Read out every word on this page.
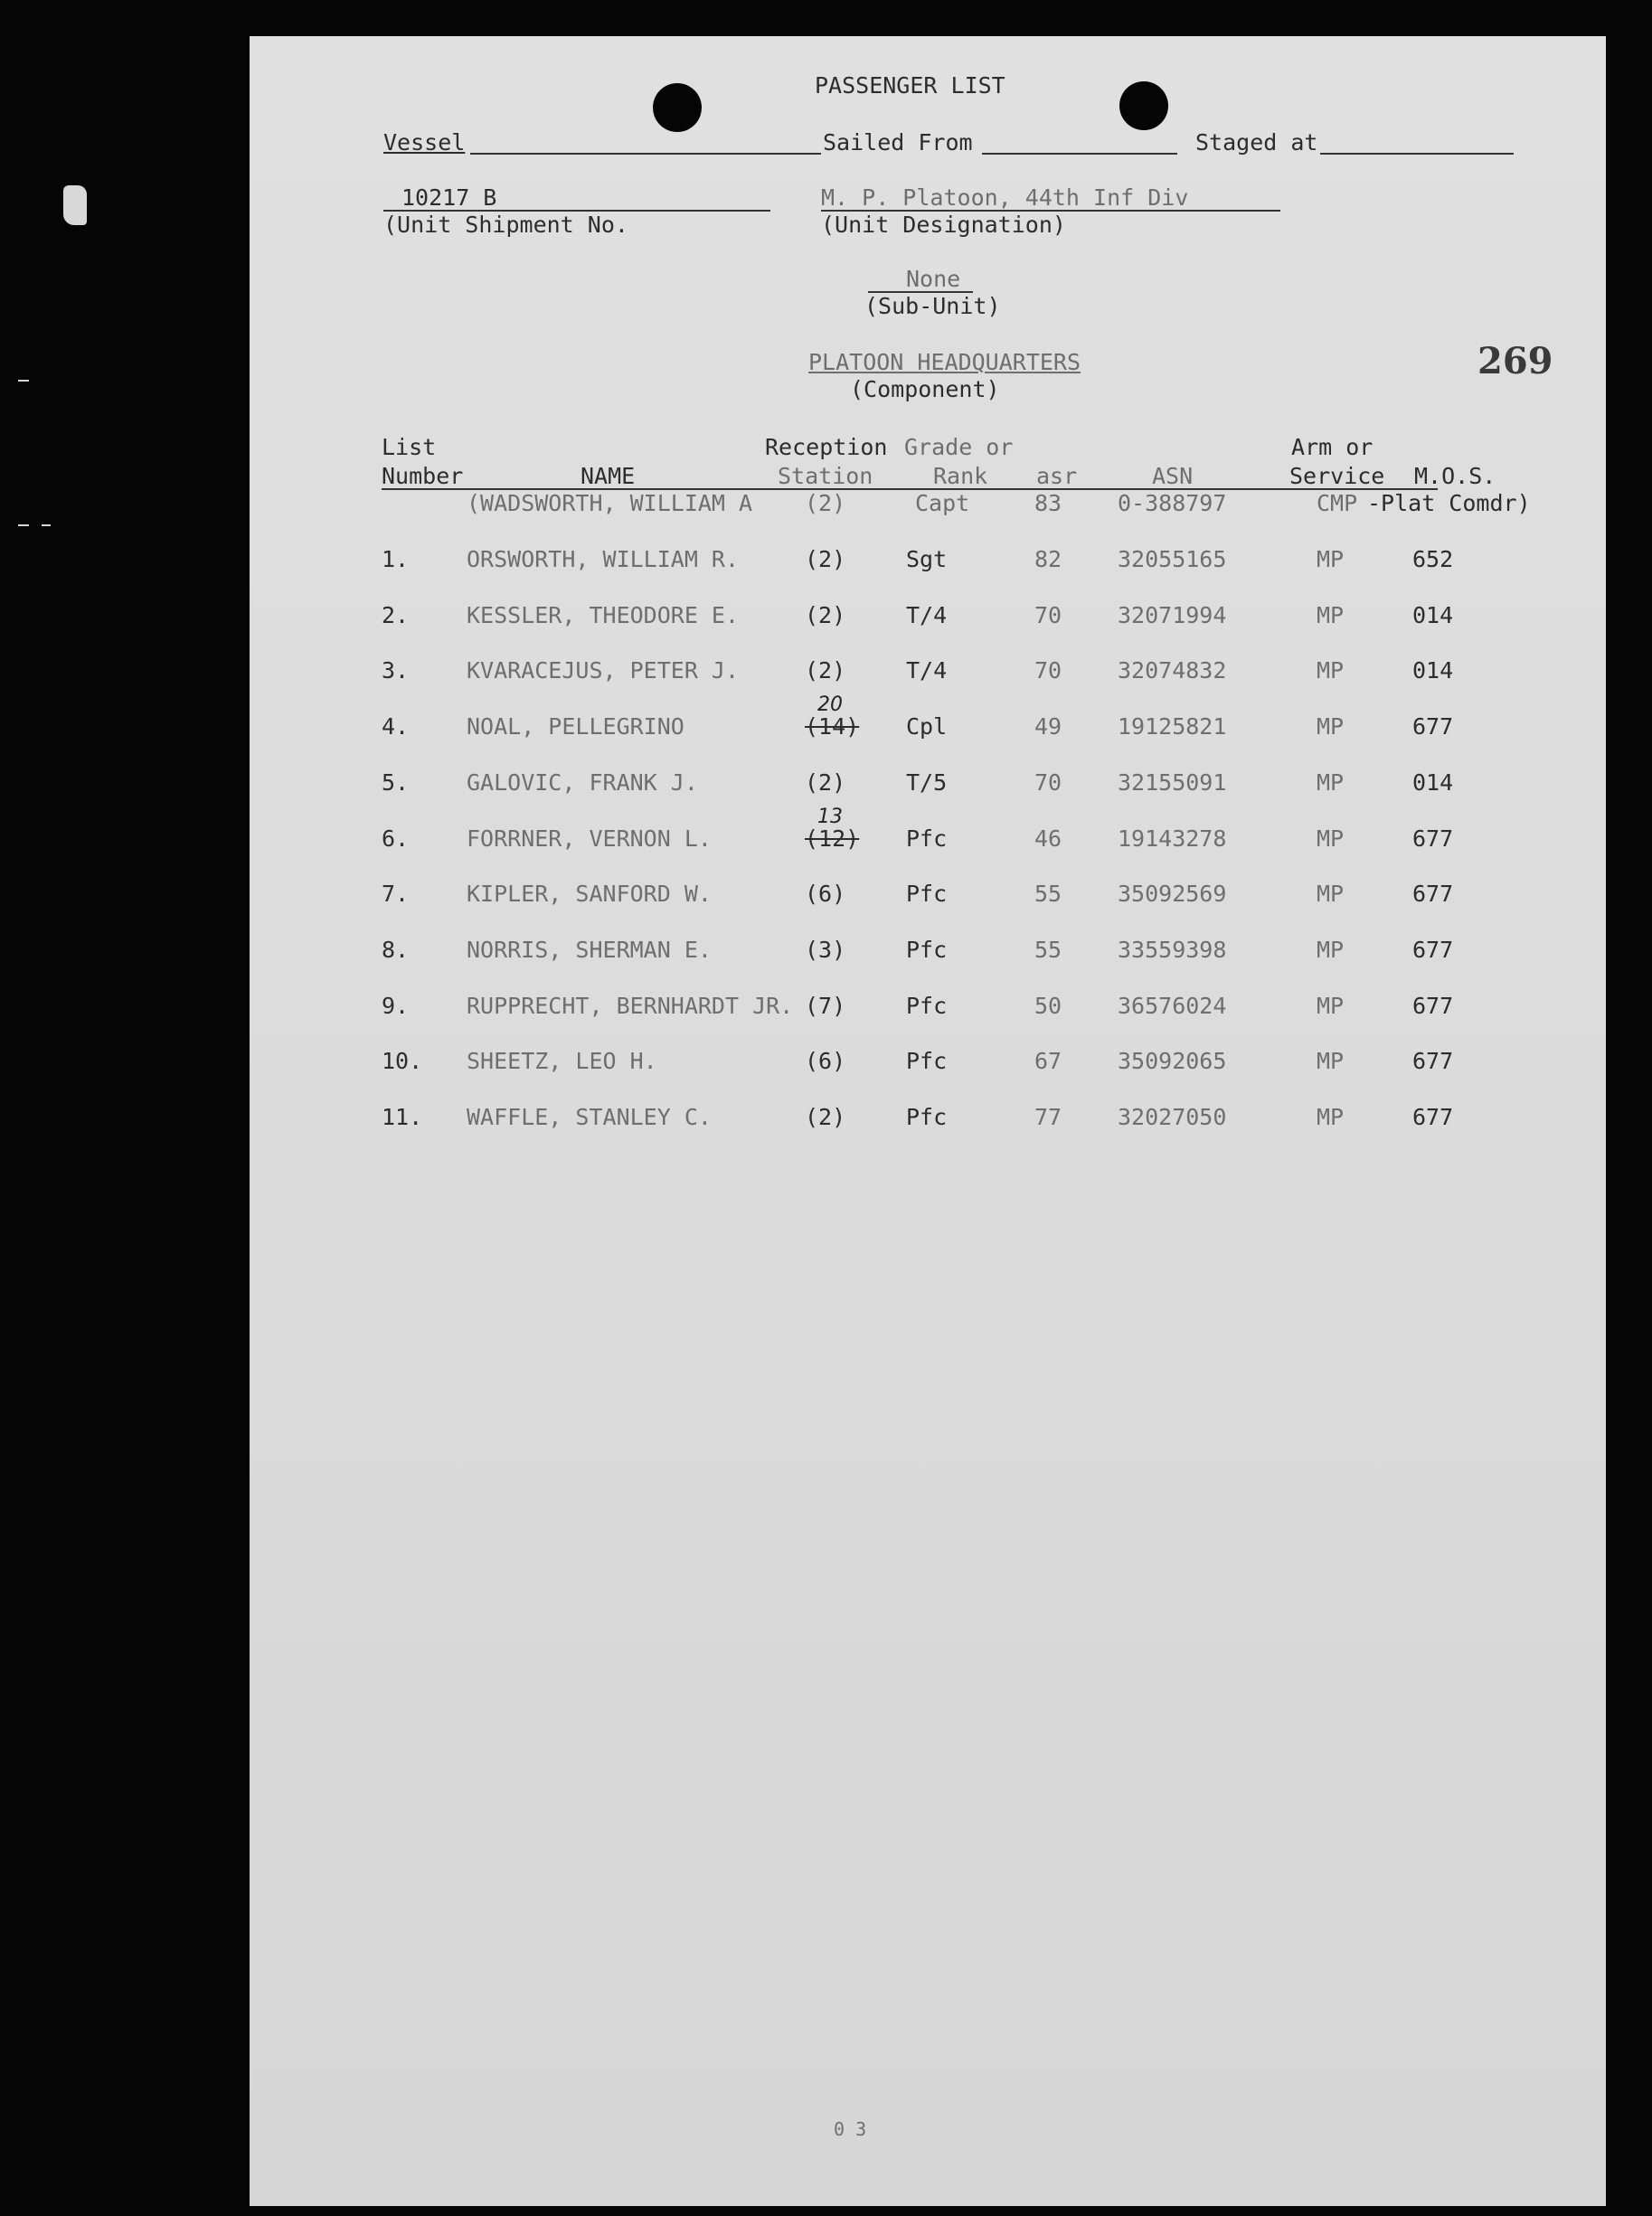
PASSENGER LIST
Vessel	Sailed From	Staged at
10217 B
(Unit Shipment No.
M. P. Platoon, 44th Inf Div
(Unit Designation)
None
(Sub-Unit)
PLATOON HEADQUARTERS
(Component)
269
List
Number	NAME
Reception
Station
Grade or
Rank asr	ASN
Arm or
Service M.O.S.
(WADSWORTH, WILLIAM A (2)	Capt	83 0-388797	CMP -Plat Comdr)
1.	ORSWORTH, WILLIAM R.	(2)	Sgt	82 32055165	MP	652
2.	KESSLER, THEODORE E.	(2)	T/4	70 32071994	MP	014
3.	KVARACEJUS, PETER J.	(2)	T/4	70 32074832	MP	014
4.	NOAL, PELLEGRINO	(14) Cpl	49 19125821	MP	677
20
5.	GALOVIC, FRANK J.	(2)	T/5	70 32155091	MP	014
6.	FORRNER, VERNON L.	(12) Pfc	46 19143278	MP	677
13
7.	KIPLER, SANFORD W.	(6)	Pfc	55 35092569	MP	677
8.	NORRIS, SHERMAN E.	(3)	Pfc	55 33559398	MP	677
9.	RUPPRECHT, BERNHARDT JR. (7)	Pfc	50 36576024	MP	677
10. SHEETZ, LEO H.	(6)	Pfc	67 35092065	MP	677
11. WAFFLE, STANLEY C.	(2)	Pfc	77 32027050	MP	677
0 3
